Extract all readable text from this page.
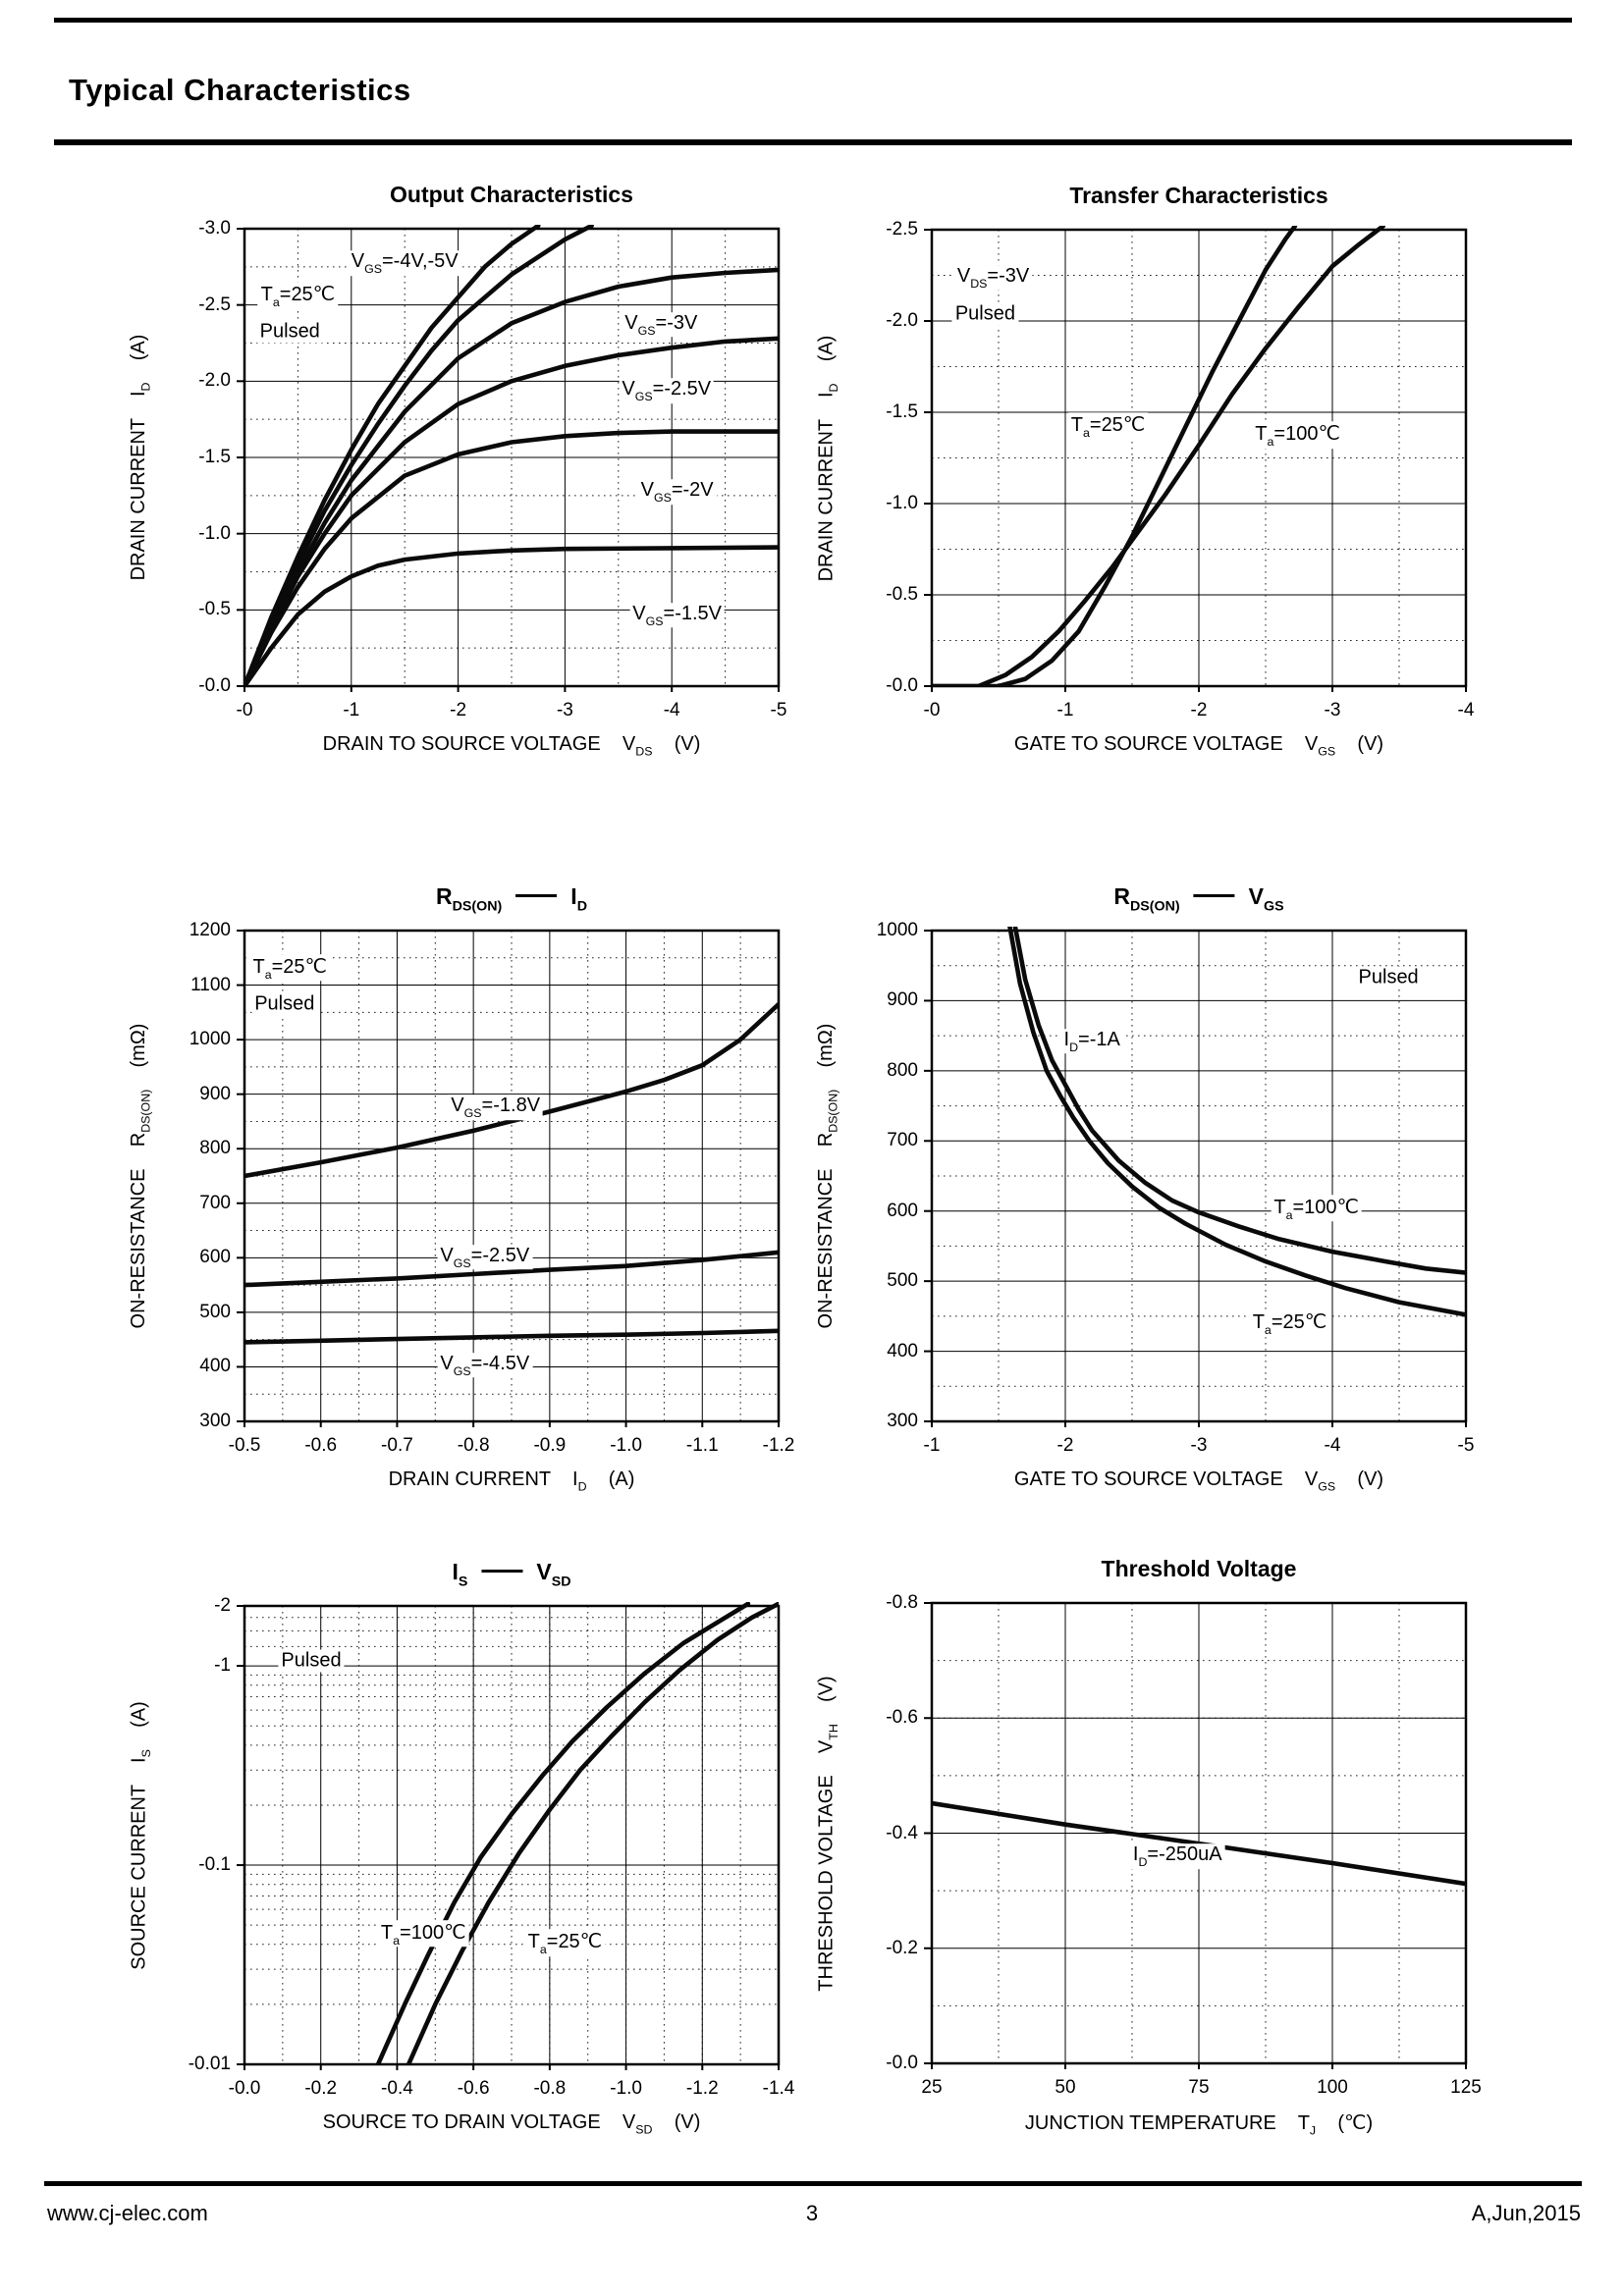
Typical Characteristics
Output Characteristics
-3.0
-2.5
-2.0
-1.5
-1.0
-0.5
-0.0
-0	-1	-2	-3	-4	-5
DRAIN TO SOURCE VOLTAGE    $V_{DS}$    (V)
DRAIN CURRENT    $I_D$    (A)
$V_{GS}=-4V,-5V$
$T_a=25℃$
Pulsed	$V_{GS}=-3V$
$V_{GS}=-2.5V$
$V_{GS}=-2V$
$V_{GS}=-1.5V$
Transfer Characteristics
-2.5
-2.0
-1.5
-1.0
-0.5
-0.0
-0	-1	-2	-3	-4
GATE TO SOURCE VOLTAGE    $V_{GS}$    (V)
DRAIN CURRENT    $I_D$    (A)
$V_{DS}=-3V$
Pulsed
$T_a=25℃$	$T_a=100℃$
$R_{DS(ON)}$	$I_D$
1200
1100
1000
900
800
700
600
500
400
300
-0.5 -0.6 -0.7 -0.8 -0.9 -1.0 -1.1 -1.2
DRAIN CURRENT    $I_D$    (A)
ON-RESISTANCE    $R_{DS(ON)}$    (mΩ)
$T_a=25℃$
Pulsed
$V_{GS}=-1.8V$
$V_{GS}=-2.5V$
$V_{GS}=-4.5V$
$R_{DS(ON)}$	$V_{GS}$
1000
900
800
700
600
500
400
300
-1	-2	-3	-4	-5
GATE TO SOURCE VOLTAGE    $V_{GS}$    (V)
ON-RESISTANCE    $R_{DS(ON)}$    (mΩ)
Pulsed
$I_D=-1A$
$T_a=100℃$
$T_a=25℃$
$I_S$	$V_{SD}$
-2
-1
-0.1
-0.01
-0.0 -0.2 -0.4 -0.6 -0.8 -1.0 -1.2 -1.4
SOURCE TO DRAIN VOLTAGE    $V_{SD}$    (V)
SOURCE CURRENT    $I_S$    (A)
Pulsed
$T_a=100℃$	$T_a=25℃$
Threshold Voltage
-0.8
-0.6
-0.4
-0.2
-0.0
25	50	75	100	125
JUNCTION TEMPERATURE    $T_J$    (℃)
THRESHOLD VOLTAGE    $V_{TH}$    (V)
$I_D=-250uA$
www.cj-elec.com	3	A,Jun,2015
